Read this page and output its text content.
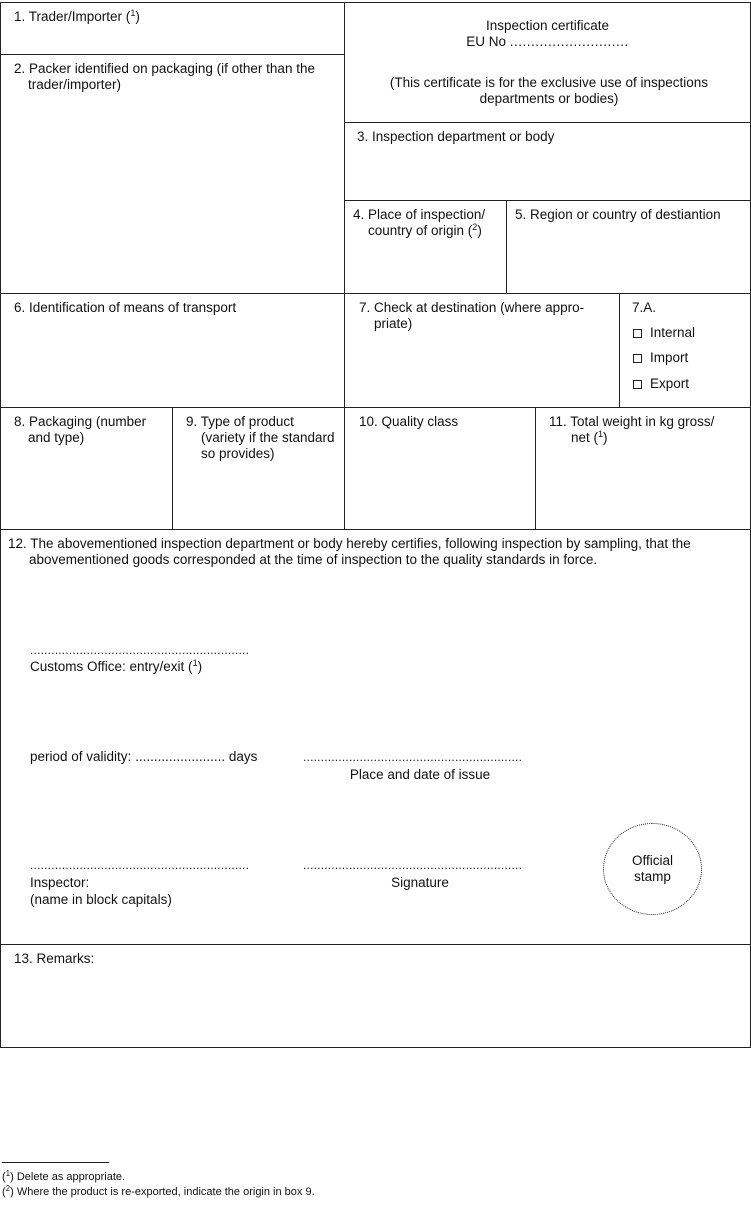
1. Trader/Importer ($^1$)
2. Packer identified on packaging (if other than the trader/importer)
Inspection certificate
EU No ............................
(This certificate is for the exclusive use of inspections departments or bodies)
3. Inspection department or body
4. Place of inspection/
country of origin ($^2$)
5. Region or country of destiantion
6. Identification of means of transport	7. Check at destination (where appro-
priate)
7.A.
Internal
Import
Export
8. Packaging (number
and type)
9. Type of product
(variety if the standard
so provides)
10. Quality class	11. Total weight in kg gross/
net ($^1$)
12. The abovementioned inspection department or body hereby certifies, following inspection by sampling, that the
abovementioned goods corresponded at the time of inspection to the quality standards in force.
..............................................................
Customs Office: entry/exit ($^1$)
period of validity: ........................ days	..............................................................
Place and date of issue
..............................................................
Inspector:
(name in block capitals)
..............................................................
Signature
Official
stamp
13. Remarks:
($^1$) Delete as appropriate.
($^2$) Where the product is re-exported, indicate the origin in box 9.
